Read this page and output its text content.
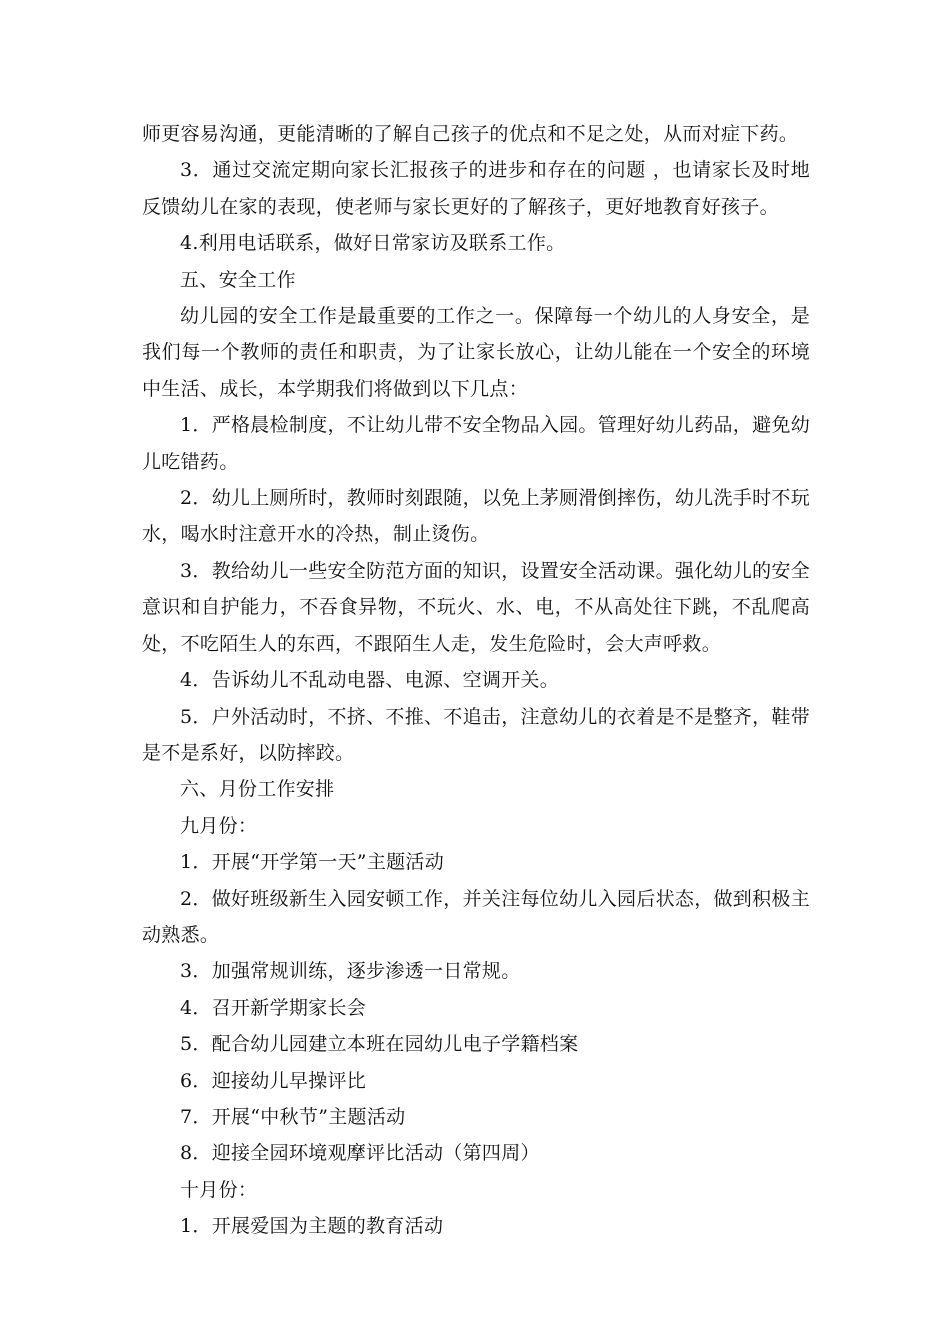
师更容易沟通，更能清晰的了解自己孩子的优点和不足之处，从而对症下药。

3．通过交流定期向家长汇报孩子的进步和存在的问题 ，也请家长及时地反馈幼儿在家的表现，使老师与家长更好的了解孩子，更好地教育好孩子。

4.利用电话联系，做好日常家访及联系工作。

五、安全工作

幼儿园的安全工作是最重要的工作之一。保障每一个幼儿的人身安全，是我们每一个教师的责任和职责，为了让家长放心，让幼儿能在一个安全的环境中生活、成长，本学期我们将做到以下几点：

1．严格晨检制度，不让幼儿带不安全物品入园。管理好幼儿药品，避免幼儿吃错药。

2．幼儿上厕所时，教师时刻跟随，以免上茅厕滑倒摔伤，幼儿洗手时不玩水，喝水时注意开水的冷热，制止烫伤。

3．教给幼儿一些安全防范方面的知识，设置安全活动课。强化幼儿的安全意识和自护能力，不吞食异物，不玩火、水、电，不从高处往下跳，不乱爬高处，不吃陌生人的东西，不跟陌生人走，发生危险时，会大声呼救。

4．告诉幼儿不乱动电器、电源、空调开关。

5．户外活动时，不挤、不推、不追击，注意幼儿的衣着是不是整齐，鞋带是不是系好，以防摔跤。

六、月份工作安排

九月份：

1．开展“开学第一天”主题活动

2．做好班级新生入园安顿工作，并关注每位幼儿入园后状态，做到积极主动熟悉。

3．加强常规训练，逐步渗透一日常规。

4．召开新学期家长会

5．配合幼儿园建立本班在园幼儿电子学籍档案

6．迎接幼儿早操评比

7．开展“中秋节”主题活动

8．迎接全园环境观摩评比活动（第四周）

十月份：

1．开展爱国为主题的教育活动
